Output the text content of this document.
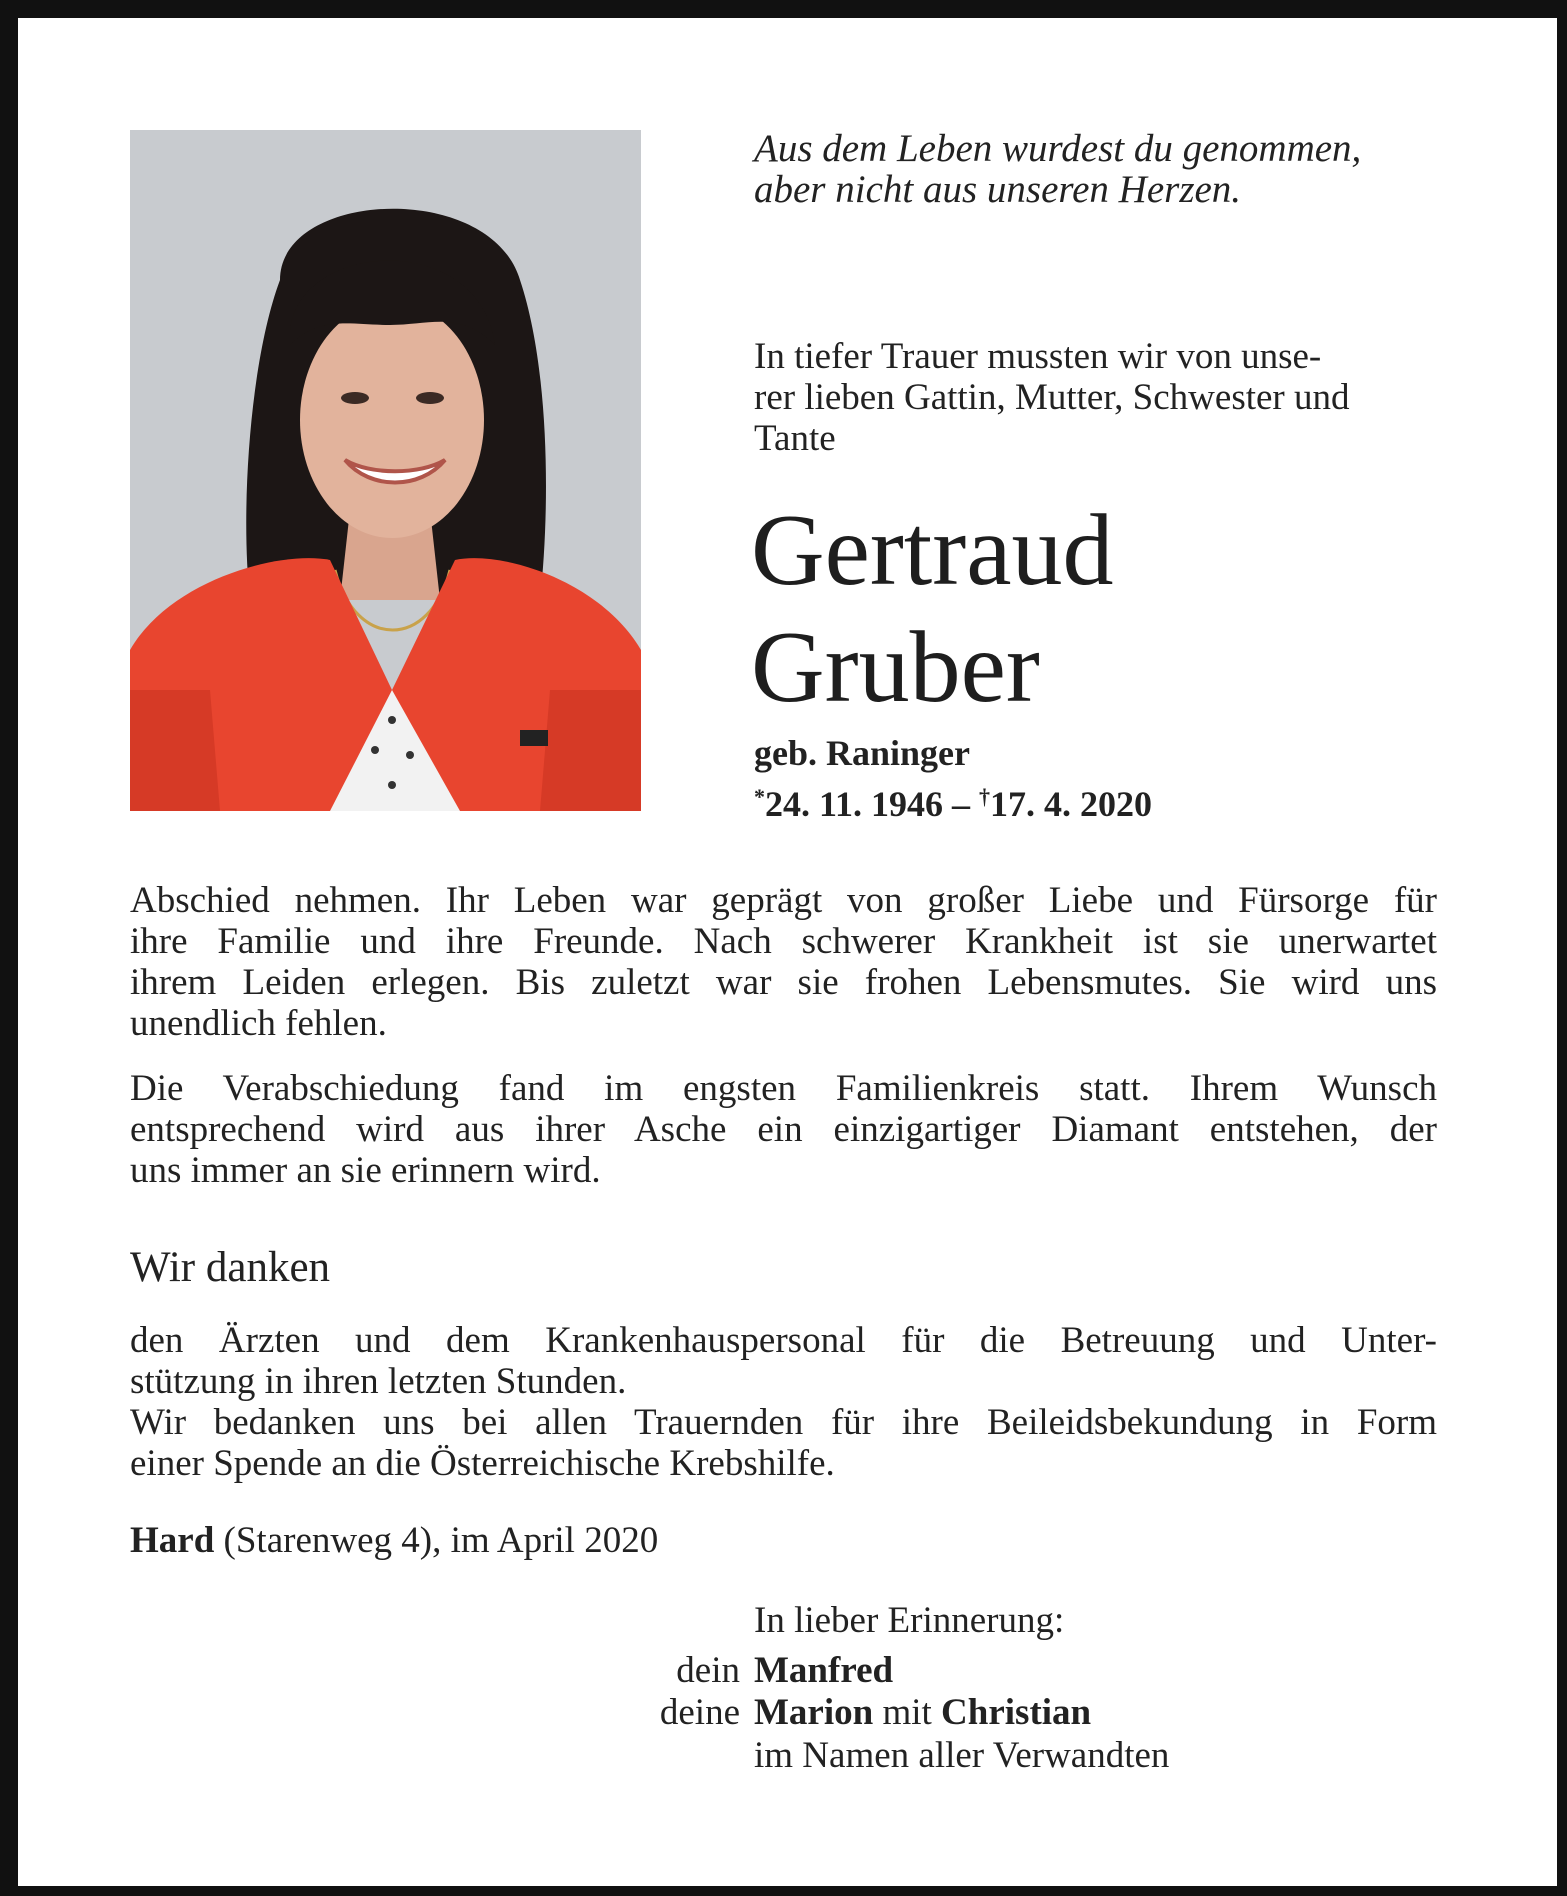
Aus dem Leben wurdest du genommen,
aber nicht aus unseren Herzen.
In tiefer Trauer mussten wir von unse-
rer lieben Gattin, Mutter, Schwester und
Tante
Gertraud
Gruber
geb. Raninger
*24. 11. 1946 – †17. 4. 2020
Abschied nehmen. Ihr Leben war geprägt von großer Liebe und Fürsorge für
ihre Familie und ihre Freunde. Nach schwerer Krankheit ist sie unerwartet
ihrem Leiden erlegen. Bis zuletzt war sie frohen Lebensmutes. Sie wird uns
unendlich fehlen.
Die Verabschiedung fand im engsten Familienkreis statt. Ihrem Wunsch
entsprechend wird aus ihrer Asche ein einzigartiger Diamant entstehen, der
uns immer an sie erinnern wird.
Wir danken
den Ärzten und dem Krankenhauspersonal für die Betreuung und Unter-
stützung in ihren letzten Stunden.
Wir bedanken uns bei allen Trauernden für ihre Beileidsbekundung in Form
einer Spende an die Österreichische Krebshilfe.
Hard (Starenweg 4), im April 2020
In lieber Erinnerung:
dein Manfred
deine Marion mit Christian
im Namen aller Verwandten
